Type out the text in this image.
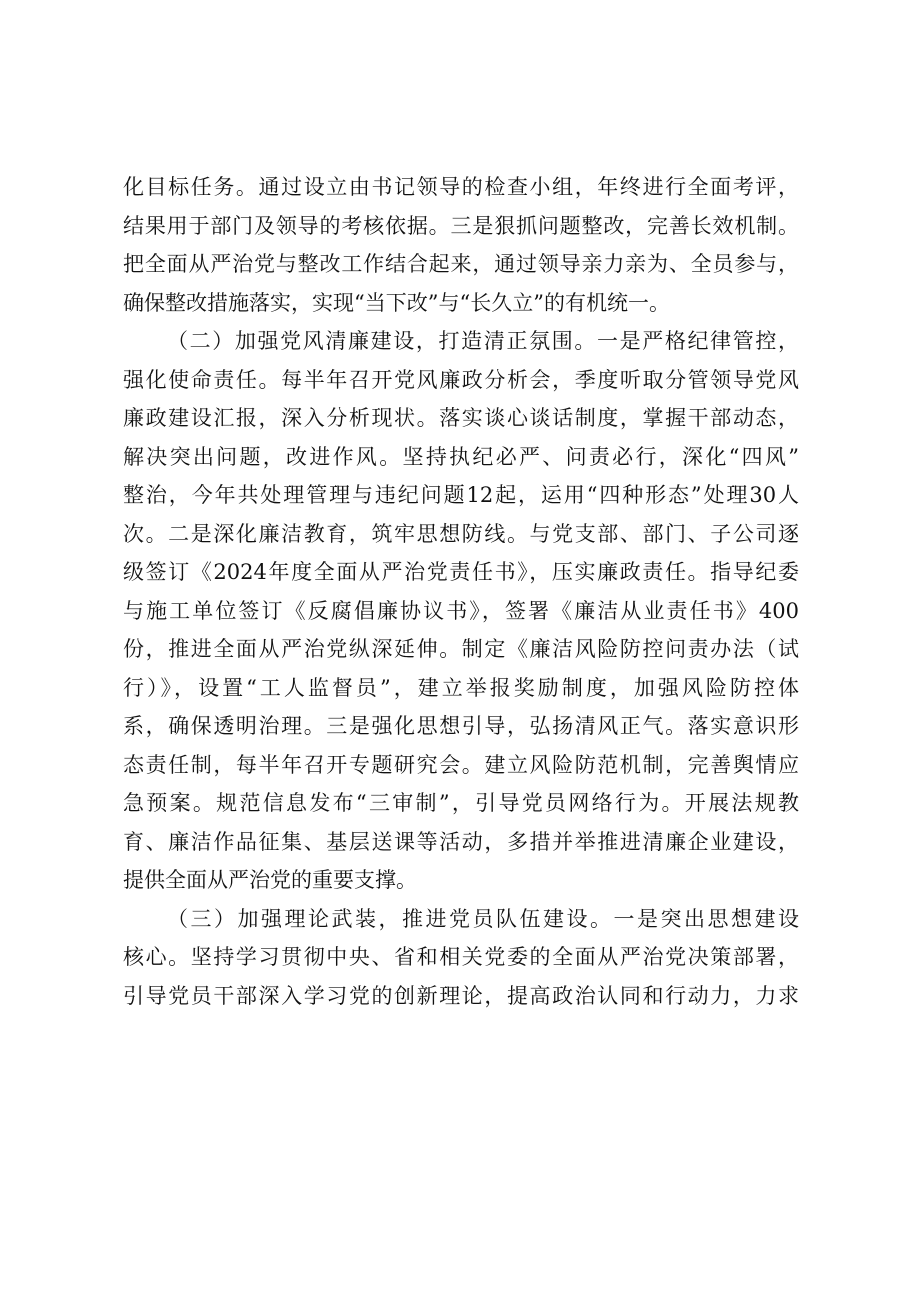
化目标任务。通过设立由书记领导的检查小组，年终进行全面考评，
结果用于部门及领导的考核依据。三是狠抓问题整改，完善长效机制。
把全面从严治党与整改工作结合起来，通过领导亲力亲为、全员参与，
确保整改措施落实，实现“当下改”与“长久立”的有机统一。
（二）加强党风清廉建设，打造清正氛围。一是严格纪律管控，
强化使命责任。每半年召开党风廉政分析会，季度听取分管领导党风
廉政建设汇报，深入分析现状。落实谈心谈话制度，掌握干部动态，
解决突出问题，改进作风。坚持执纪必严、问责必行，深化“四风”
整治，今年共处理管理与违纪问题12起，运用“四种形态”处理30人
次。二是深化廉洁教育，筑牢思想防线。与党支部、部门、子公司逐
级签订《2024年度全面从严治党责任书》，压实廉政责任。指导纪委
与施工单位签订《反腐倡廉协议书》，签署《廉洁从业责任书》400
份，推进全面从严治党纵深延伸。制定《廉洁风险防控问责办法（试
行）》，设置“工人监督员”，建立举报奖励制度，加强风险防控体
系，确保透明治理。三是强化思想引导，弘扬清风正气。落实意识形
态责任制，每半年召开专题研究会。建立风险防范机制，完善舆情应
急预案。规范信息发布“三审制”，引导党员网络行为。开展法规教
育、廉洁作品征集、基层送课等活动，多措并举推进清廉企业建设，
提供全面从严治党的重要支撑。
（三）加强理论武装，推进党员队伍建设。一是突出思想建设
核心。坚持学习贯彻中央、省和相关党委的全面从严治党决策部署，
引导党员干部深入学习党的创新理论，提高政治认同和行动力，力求
